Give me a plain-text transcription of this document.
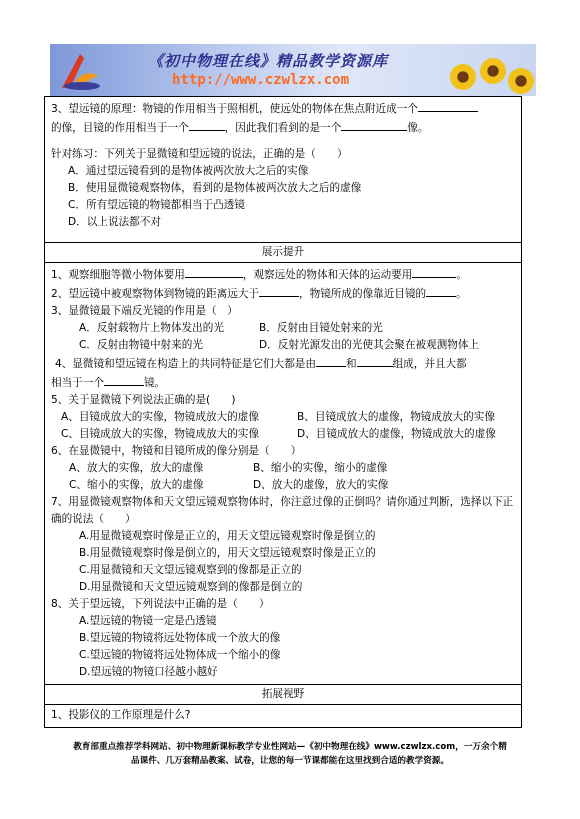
《初中物理在线》精品教学资源库
http://www.czwlzx.com
3、望远镜的原理：物镜的作用相当于照相机，使远处的物体在焦点附近成一个
的像，目镜的作用相当于一个	，因此我们看到的是一个	像。
针对练习：下列关于显微镜和望远镜的说法，正确的是（　　）
A．通过望远镜看到的是物体被两次放大之后的实像
B．使用显微镜观察物体，看到的是物体被两次放大之后的虚像
C．所有望远镜的物镜都相当于凸透镜
D．以上说法都不对
展示提升
1、观察细胞等微小物体要用	，观察远处的物体和天体的运动要用	。
2、望远镜中被观察物体到物镜的距离远大于	，物镜所成的像靠近目镜的	。
3、显微镜最下端反光镜的作用是（　）
A．反射载物片上物体发出的光	B．反射由目镜处射来的光
C．反射由物镜中射来的光	D．反射光源发出的光使其会聚在被观测物体上
4、显微镜和望远镜在构造上的共同特征是它们大都是由	和	组成，并且大都
相当于一个	镜。
5、关于显微镜下列说法正确的是(　　)
A、目镜成放大的实像，物镜成放大的虚像	B、目镜成放大的虚像，物镜成放大的实像
C、目镜成放大的实像，物镜成放大的实像	D、目镜成放大的虚像，物镜成放大的虚像
6、在显微镜中，物镜和目镜所成的像分别是（　　）
A、放大的实像，放大的虚像	B、缩小的实像，缩小的虚像
C、缩小的实像，放大的虚像	D、放大的虚像，放大的实像
7、用显微镜观察物体和天文望远镜观察物体时，你注意过像的正倒吗？请你通过判断，选择以下正
确的说法（　　）
A.用显微镜观察时像是正立的，用天文望远镜观察时像是倒立的
B.用显微镜观察时像是倒立的，用天文望远镜观察时像是正立的
C.用显微镜和天文望远镜观察到的像都是正立的
D.用显微镜和天文望远镜观察到的像都是倒立的
8、关于望远镜，下列说法中正确的是（　　）
A.望远镜的物镜一定是凸透镜
B.望远镜的物镜将远处物体成一个放大的像
C.望远镜的物镜将远处物体成一个缩小的像
D.望远镜的物镜口径越小越好
拓展视野
1、投影仪的工作原理是什么?
教育部重点推荐学科网站、初中物理新课标教学专业性网站—《初中物理在线》www.czwlzx.com，一万余个精
品课件、几万套精品教案、试卷，让您的每一节课都能在这里找到合适的教学资源。
